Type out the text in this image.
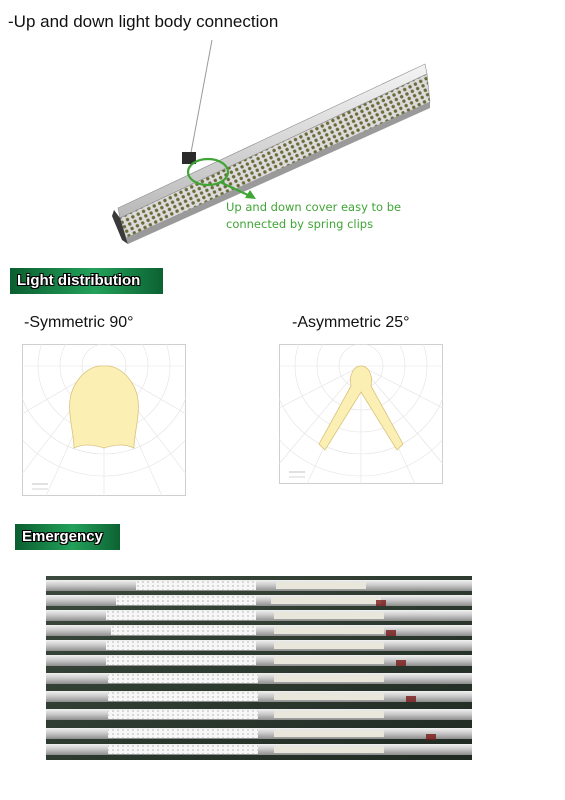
-Up and down light body connection
Up and down cover easy to be
connected by spring clips
Light distribution
-Symmetric 90°	-Asymmetric 25°
Emergency
